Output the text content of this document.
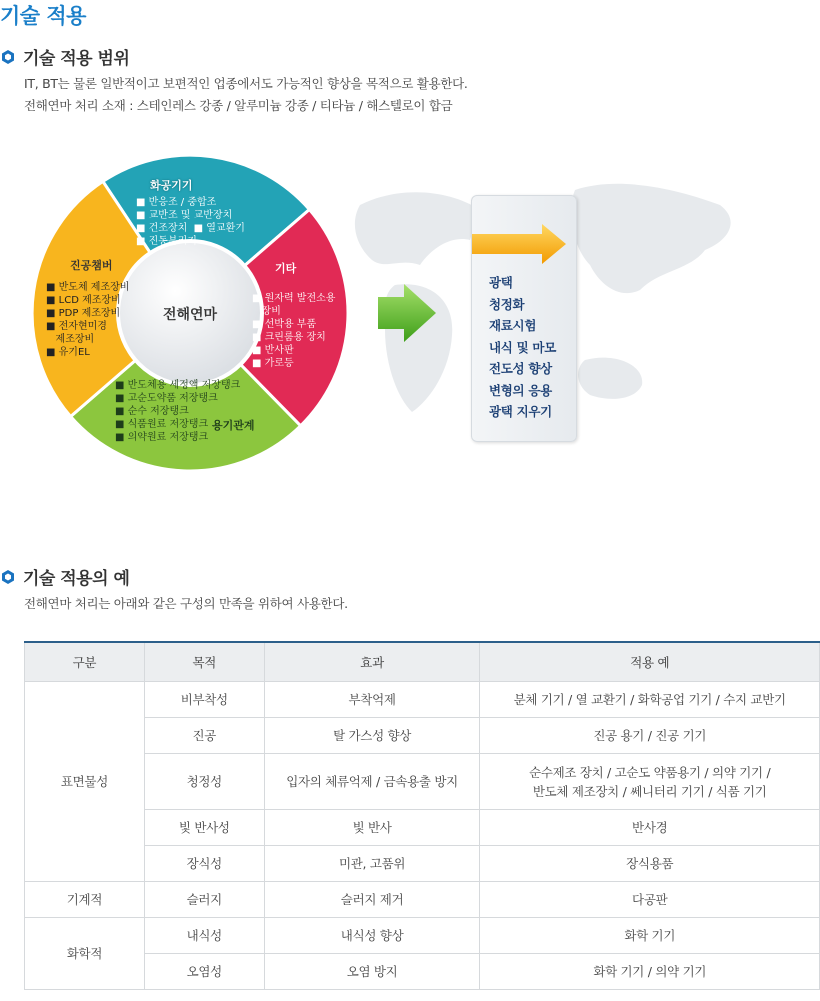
기술 적용
기술 적용 범위
IT, BT는 물론 일반적이고 보편적인 업종에서도 가능적인 향상을 목적으로 활용한다.
전해연마 처리 소재 : 스테인레스 강종 / 알루미늄 강종 / 티타늄 / 해스텔로이 합금
전해연마
화공기기
■ 반응조 / 중합조
■ 교반조 및 교반장치
■ 건조장치  ■ 열교환기
■ 진동분리기
진공챔버
■ 반도체 제조장비
■ LCD 제조장비
■ PDP 제조장비
■ 전자현미경
제조장비
■ 유기EL
기타
■ 원자력 발전소용
장비
■ 선박용 부품
■ 크린룸용 장치
■ 반사판
■ 가로등
■ 반도체용 세정액 저장탱크
■ 고순도약품 저장탱크
■ 순수 저장탱크
■ 식품원료 저장탱크
■ 의약원료 저장탱크
용기관계
광택
청정화
재료시험
내식 및 마모
전도성 향상
변형의 응용
광택 지우기
기술 적용의 예
전해연마 처리는 아래와 같은 구성의 만족을 위하여 사용한다.
구분	목적	효과	적용 예
표면물성	비부착성	부착억제	분체 기기 / 열 교환기 / 화학공업 기기 / 수지 교반기
	진공	탈 가스성 향상	진공 용기 / 진공 기기
	청정성	입자의 체류억제 / 금속용출 방지	순수제조 장치 / 고순도 약품용기 / 의약 기기 /
반도체 제조장치 / 쎄니터리 기기 / 식품 기기

	빛 반사성	빛 반사	반사경
	장식성	미관, 고품위	장식용품
기계적	슬러지	슬러지 제거	다공판
화학적	내식성	내식성 향상	화학 기기
	오염성	오염 방지	화학 기기 / 의약 기기
